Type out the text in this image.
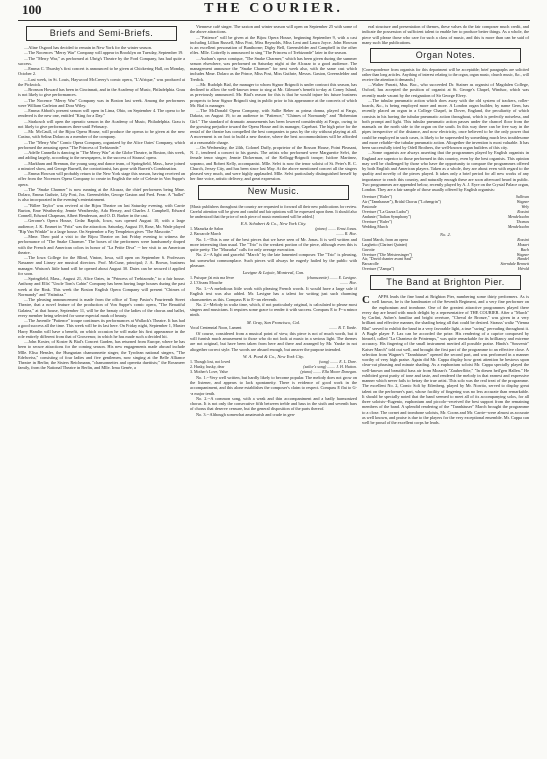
100	THE COURIER.
Briefs and Semi-Briefs.

....Aline Osgood has decided to remain in New York for the winter season.

....The Nocences "Merry War" Company will appear in Brooklyn on Tuesday, September 19.

....The "Merry War," as performed at Uhrig's Theatre by the Ford Company, has had quite a success.

....Emma C. Thursby's first concert is announced to be given at Chickering Hall, on Monday, October 2.

....Last week, in St. Louis, Haywood McCreery's comic opera, "L'Afrique," was produced at the Pickwick.

....Bronson Howard has been in Cincinnati, and in the Academy of Music, Philadelphia. Grau is not likely to give performances.

....The Nocence "Merry War" Company was in Boston last week. Among the performers were William Carleton and Dora Wiley.

....Emma Abbott's present season will open in Lima, Ohio, on September 4. The opera to be rendered is the new one, entitled "King for a Day."

....Strakosch will open the operatic season in the Academy of Music, Philadelphia. Grau is not likely to give performances there until February.

....Mr. McCaull, of the Bijou Opera House, will produce the operas to be given at the new Casino, with Selina Dolaro as a member of the company.

....The "Merry War" Comic Opera Company, organized by the Alice Oates' Company, which performed the amusing opera "The Princess of Trebizonde."

....Adelle Cannella is dancing in "The Merry War" at the Globe Theatre, in Boston, this week, and adding largely, according to the newspapers, to the success of Strauss' opera.

....Markham and Brennan, the young song and dance team, of Springfield, Mass., have joined a minstrel show, and George Burnell, the contortionist, has gone with Barrett's Combination.

....Emma Howson will probably return to the New York stage this season, having received an offer from the Nocences Opera Company to create in English the role of Celeste in Von Suppe's opera.

....The "Snake Charmer" is now running at the Alcazar, the chief performers being Mme. Dolaro, Emma Guthrie, Lily Post, Jos. Greensfelder, George Gaston and Fred. Frear. A "ballet" is also incorporated in the evening's entertainment.

...."Billee Taylor" was revived at the Bijou Theatre on last Saturday evening, with Carrie Burton, Eme Weathersby, Jennie Weathersby, Ada Hersey, and Charles J. Campbell, Edward Connell, Edward Chapman, Albert Henderson, and O. D. Barker in the cast.

....Gerome's Opera House, Cedar Rapids, Iowa, was opened August 10, with a large audience; J. K. Emmet in "Fritz" was the attraction. Saturday, August 19, Rose, Mr. Wade played "Rip Van Winkle" to a large house. On September a Fay Templeton gives "The Mascotte."

....Mme. Theo paid a visit to the Bijou Theatre on last Friday evening to witness the performance of "The Snake Charmer." The boxes of the performers were handsomely draped with the French and American colors in honor of "La Petite Diva" -- her visit to an American theatre.

....The Iowa College for the Blind, Vinton, Iowa, will open on September 6. Professors Nassaner and Linsey are musical directors. Prof. McCune, principal; J. A. Brown, business manager. Watson's little band will be opened about August 30. Dates can be secured if applied for soon.

....Springfield, Mass., August 21, Alice Oates, in "Princess of Trebizonde," to a fair house. Anthony and Ellis' "Uncle Tom's Cabin" Company has been having large houses during the past week at the Rink. This week the Boston English Opera Company will present "Chimes of Normandy" and "Fatinitza."

....The pleasing announcement is made from the office of Tony Pastor's Fourteenth Street Theatre, that a novel feature of the production of Von Suppe's comic opera, "The Beautiful Galatea," at that house, September 11, will be the beauty of the ladies of the chorus and ballet, every member being selected for some especial mark of beauty.

....The Juvenile "Patience" troupe continues its performances at Wallack's Theatre. It has had a good success all the time. This week will be its last here. On Friday night, September 1, Master Harry Hamlin will have a benefit, on which occasion he will make his first appearance in the role entirely different from that of Grosvenor, in which he has made such a decided hit.

....John Koster, of Koster & Bial's Concert Garden, has returned from Europe, where he has been to secure attractions for the coming season. His new engagements made abroad include Mlle. Elisa Hensler, the Hungarian chansonnette singer, the Tyrolean national singers, "The Edelweiss," consisting of four ladies and five gentlemen, now singing at the Belle Alliance Theatre in Berlin; the Sisters Reichmann, "chansonnettes and operetta duettists;" the Rossmeer family, from the National Theatre in Berlin, and Mlle. Irma Genée, a

Viennese café singer. The saxton and winter season will open on September 25 with some of the above attractions.

...."Patience" will be given at the Bijou Opera House, beginning September 9, with a cast including Lillian Russell, Miss Post, Miss Reynolds, Miss Lent and Laura Joyce. John Howson is an excellent personation of Bunthorne; Digby Bell, Greensfelder and Campbell in the other rôles. Mlle. Cottrelly is announced to sing "The Princess of Trebizonde" later in the season.

....Audran's opera comique, "The Snake Charmer," which has been given during the summer season elsewhere, was performed on Saturday night at the Alcazar to a good audience. The management announce the "Snake Charmer" for next week also, with the same cast which includes Mme. Dolaro as the Prince, Miss Post, Miss Guthrie, Messrs. Gaston, Greensfelder and Tredick.

....Mr. Rudolph Bial, the manager to whom Signor Brignoli is under contract this season, has declined to allow the well-known tenor to sing at Mr. Gilmore's benefit to-day at Coney Island, as previously announced. Mr. Bial's reason for this is that he would injure his future business prospects to hear Signor Brignoli sing in public prior to his appearance at the concerts of which Mr. Bial is manager.

....The McDonald Opera Company, with Sallie Reber as prima donna, played at Fargo, Dakota, on August 19, to an audience in "Patience," "Chimes of Normandy" and "Bohemian Girl." The standard of dramatic amusements has been lowered considerably at Fargo, owing to the growing prejudice toward the Opera House and its manager, Capehart. The high price for the rental of the theatre has compelled the best companies to pass by the city without playing at all. A movement is on foot to build a new theatre, where the best accommodations will be afforded at a reasonable charge.

....On Wednesday, the 24th, Colonel Duffy, proprietor of the Rosson House, Point Pleasant, N. J., tendered a concert to his guests. The artists who performed were Marguerite Selvi, the female tenor singer; Jennie Dickerman, of the Kellogg-Brignoli troupe; Isidore Martinez, soprano, and Robert Kelly, accompanist. Mlle. Selvi is now the tenor soloist of St. Peter's R. C. Church, Jersey City, and has been since last May. At the above mentioned concert all the singers pleased very much, and were highly applauded. Mlle. Selvi particularly distinguished herself by her fine voice, artistic delivery, and great expression.

New Music.

[Music publishers throughout the country are requested to forward all their new publications for review. Careful attention will be given and candid and fair opinions will be expressed upon them. It should also be understood that the price of each piece of music mentioned will be added.]

E.S. Schubert & Co., New York City.
1. Mazurka de Salon	(piano) ........ Ernst Jonas.
2. Barcarole March	........ R. Hoe.

No. 1.--This is one of the best pieces that we have seen of Mr. Jonas. It is well written and more interesting than usual. The "Trio" is the weakest portion of the piece, although even this is quite pretty. The "Mazurka" calls for only average execution.

No. 2.--A light and graceful "March" by the late lamented composer. The "Trio" is pleasing, but somewhat commonplace. Such pieces will always be eagerly hailed by the public with pleasure.

Lavigne & Lajoie, Montreal, Can.
1. Puisque j'ai mis ma lèvre	(chansonette) ........ E. Lavigne.
2. L'Oiseau Mouche	........ Hoe.

No. 1.--A melodious little work with pleasing French words. It would have a large sale if English text was also added. Mr. Lavigne has a talent for writing just such charming chansonettes as this. Compass B to E--an eleventh.

No. 2.--Melody in waltz time, which, if not particularly original, is calculated to please most singers and musicians. It requires some grace to render it with success. Compass E to F--a minor ninth.

M. Gray, San Francisco, Cal.
Vocal Centennial Noon, Lament	........ B. T. Yanke.

Of course, considered from a musical point of view, this piece is not of much worth, but it will furnish much amusement to those who do not look at music in a serious light. The themes are not original, but have been taken from here and there and arranged by Mr. Yanke in not altogether correct style. The words are absurd enough, but answer the purpose intended.

W. A. Pond & Co., New York City.
1. Though lost, not loved	(song) ........ E. L. Dare.
2. Husky, husky, dear	(sailor's song) ........ J. H. Hutton.
3. Mother's Love, Valse	(piano) ........ Ella Moore Donegan.

No. 1.--Very well written, but hardly likely to become popular. The melody does not grow on the listener, and appears to lack spontaneity. There is evidence of good work in the accompaniment, and this alone establishes the composer's claim to respect. Compass E flat to G--a major tenth.

No. 2.--A common song, with a weak and thin accompaniment and a badly harmonized chorus. It is not only the consecutive fifth between treble and bass in the sixth and seventh bars of chorus that deserve censure, but the general disposition of the parts thereof.

No. 3.--Although somewhat amateurish and crude in gen-

eral structure and presentation of themes, these valses do the fair composer much credit, and indicate the possession of sufficient talent to enable her to produce better things. As a whole, the piece will please those who care for such a class of music, and this is more than can be said of many such like publications.

Organ Notes.

[Correspondence from organists for this department will be acceptable; brief paragraphs are solicited rather than long articles. Anything of interest relating to the organ, organ music, church music, &c., will receive the attention it demands.]

....Walter Parratt, Mus. Bac., who succeeded Dr. Stainer as organist of Magdalen College, Oxford, has accepted the position of organist at St. George's Chapel, Windsor, which was recently made vacant by the resignation of Sir George Elvey.

....The tubular pneumatic action which does away with the old system of trackers, roller-boards, &c., is being employed more and more. A London organ builder, by name Gern, has recently placed an organ in a College Chapel, in Dover, England, the peculiarity of which consists in his having the tubular pneumatic action throughout, which is perfectly noiseless, and both prompt and light. This tubular pneumatic action passes under the chancel floor from the manuals on the north side to the organ on the south. In this way there can be free way in the pipes irrespective of the distance, and now electricity, once believed to be the only power that could be employed in such cases, is likely to be superseded by something much less troublesome and more reliable--the tubular pneumatic action. Altogether the invention is most valuable. It has been successfully tried by Odell Brothers, the well-known organ builders of this city.

....Some organists are always asserting that the programmes played by English organists in England are superior to those performed in this country, even by the best organists. This opinion may well be challenged by those who have the opportunity to compare the programmes offered by both English and American players. Taken as a whole, they are about even with regard to the quality and novelty of the pieces played. It takes only a brief period for all new works of any importance to reach this country, and naturally enough these are soon afterward heard in public. Two programmes are appended below, recently played by A. J. Eyre on the Crystal Palace organ, London. They are a fair sample of those usually offered by English organists:

Overture ("Ruler")	Sullivan
Air ("Tannhauser"), Bridal Chorus ("Lohengrin")	Wagner
Pastorale	Wely
Overture ("La Gazza Ladra")	Rossini
Andante ("Italian Symphony")	Mendelssohn
Overture ("Ruler")	Thomas
Wedding March	Mendelssohn
No. 2.
Grand March, from an opera	Rossini
Larghetto (Clarinet Quintet)	Mozart
Gavotte	Bach
Overture ("Die Meistersinger")	Wagner
Air, "David chanter avant Saul"	Handel
Barcarolle	Sterndale Bennett
Overture ("Zampa")	Hérold
The Band at Brighton Pier.
C	APPA leads the fine band at Brighton Pier, numbering some thirty performers. As is well known, he is the bandmaster of the Seventh Regiment, and a very fine performer on the euphonium and trombone. One of the greatest attractive programmes played there every day are heard with much delight by a representative of THE COURIER. After a "March" by Carlini, Auber's familiar and bright overture, "Cheval de Bronze," was given in a very brilliant and effective manner, the shading being all that could be desired. Strauss' waltz "Vienna Blut" served to exhibit the band in a very favorable light, a true "swing" pervading throughout it. A Bugle player F. Lax can be accorded the prize. His rendering of a caprice composed by himself, called "La Chanteur de Printemps," was quite remarkable for its brilliancy and extreme accuracy. His fingering of the small instrument merited all possible praise. Hinds's "Souvenir" Kaiser March" told out well, and brought the first part of the programme to an effective close. A selection from Wagner's "Tannhäuser" opened the second part, and was performed in a manner worthy of very high praise. Again did Mr. Cappa display how great attention he bestows upon clear-cut phrasing and minute shading. As a euphonium soloist Mr. Cappa specially played the well-known and beautiful bass air from Mozart's "Zauberflöte," "In diesen heil'gen Hallen." He exhibited great purity of tone and taste, and rendered the melody in that earnest and expressive manner which never fails to betray the true artist. This solo was the real treat of the programme. The excellent No. 2, Comic Soli by Eilenberg, played by Mr. Norrito, served to display great talent on the performer's part, whose facility of fingering was no less accurate than remarkable. It should be specially noted that the band seemed to meet all of its accompanying solos, for all three soloists--Eugenio, euphonium and piccolo--received the best support from the remaining members of the band. A splendid rendering of the "Tannhäuser" March brought the programme to a close. The cornet and trombone soloists, Mr. Coons and Mr. Carrie--were almost as accurate as well known, and praise is due to the players for the very exceptional ensemble. Mr. Cappa can well be proud of the excellent corps he leads.
